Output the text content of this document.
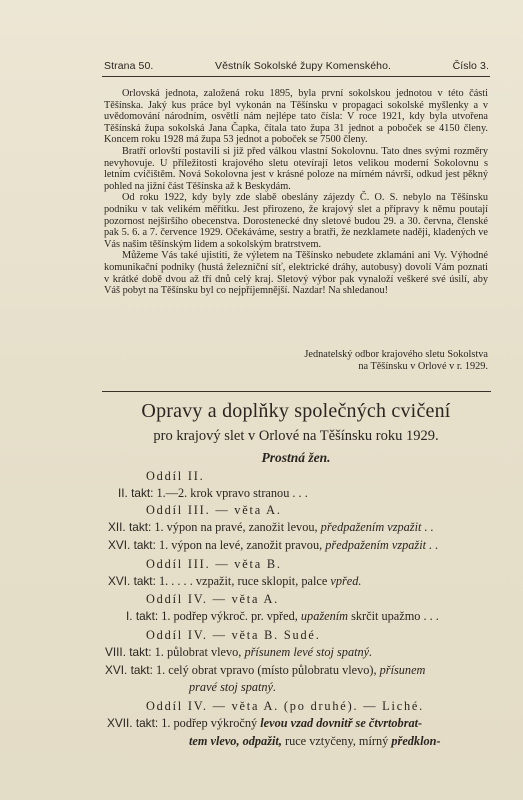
Strana 50.	Věstník Sokolské župy Komenského.	Číslo 3.

Orlovská jednota, založená roku 1895, byla první sokolskou jednotou v této části Těšínska. Jaký kus práce byl vykonán na Těšínsku v propagaci sokolské myšlenky a v uvědomování národním, osvětlí nám nejlépe tato čísla: V roce 1921, kdy byla utvořena Těšínská župa sokolská Jana Čapka, čítala tato župa 31 jednot a poboček se 4150 členy. Koncem roku 1928 má župa 53 jednot a poboček se 7500 členy.

Bratří orlovští postavili si již před válkou vlastní Sokolovnu. Tato dnes svými rozměry nevyhovuje. U příležitosti krajového sletu otevírají letos velikou moderní Sokolovnu s letním cvičištěm. Nová Sokolovna jest v krásné poloze na mírném návrší, odkud jest pěkný pohled na jižní část Těšínska až k Beskydám.

Od roku 1922, kdy byly zde slabě obeslány zájezdy Č. O. S. nebylo na Těšínsku podniku v tak velikém měřítku. Jest přirozeno, že krajový slet a přípravy k němu poutají pozornost nejširšího obecenstva. Dorostenecké dny sletové budou 29. a 30. června, členské pak 5. 6. a 7. července 1929. Očekáváme, sestry a bratři, že nezklamete naději, kladených ve Vás našim těšínským lidem a sokolským bratrstvem.

Můžeme Vás také ujistiti, že výletem na Těšínsko nebudete zklamáni ani Vy. Výhodné komunikační podniky (hustá železniční síť, elektrické dráhy, autobusy) dovolí Vám poznati v krátké době dvou až tří dnů celý kraj. Sletový výbor pak vynaloží veškeré své úsilí, aby Váš pobyt na Těšínsku byl co nejpříjemnější. Nazdar! Na shledanou!

Jednatelský odbor krajového sletu Sokolstva
na Těšínsku v Orlové v r. 1929.
Opravy a doplňky společných cvičení
pro krajový slet v Orlové na Těšínsku roku 1929.
Prostná žen.
Oddíl II.
II. takt: 1.—2. krok vpravo stranou . . .
Oddíl III. — věta A.
XII. takt: 1. výpon na pravé, zanožit levou, předpažením vzpažit . .
XVI. takt: 1. výpon na levé, zanožit pravou, předpažením vzpažit . .
Oddíl III. — věta B.
XVI. takt: 1. . . . . vzpažit, ruce sklopit, palce vpřed.
Oddíl IV. — věta A.
I. takt: 1. podřep výkroč. pr. vpřed, upažením skrčit upažmo . . .
Oddíl IV. — věta B. Sudé.
VIII. takt: 1. půlobrat vlevo, přísunem levé stoj spatný.
XVI. takt: 1. celý obrat vpravo (místo půlobratu vlevo), přísunem
pravé stoj spatný.
Oddíl IV. — věta A. (po druhé). — Liché.
XVII. takt: 1. podřep výkročný levou vzad dovnitř se čtvrtobrat-
tem vlevo, odpažit, ruce vztyčeny, mírný předklon-
